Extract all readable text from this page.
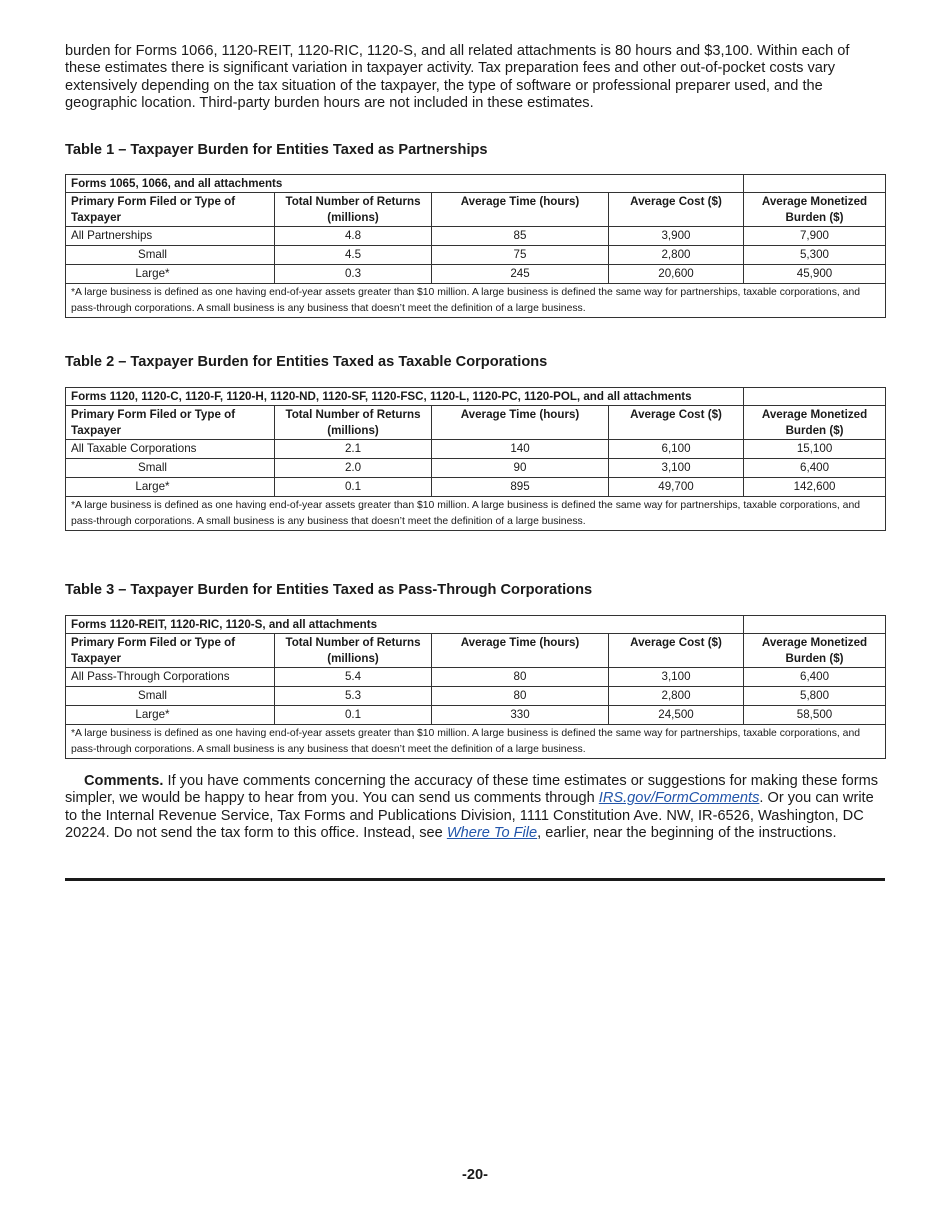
burden for Forms 1066, 1120-REIT, 1120-RIC, 1120-S, and all related attachments is 80 hours and $3,100. Within each of these estimates there is significant variation in taxpayer activity. Tax preparation fees and other out-of-pocket costs vary extensively depending on the tax situation of the taxpayer, the type of software or professional preparer used, and the geographic location. Third-party burden hours are not included in these estimates.

Table 1 – Taxpayer Burden for Entities Taxed as Partnerships
Forms 1065, 1066, and all attachments				
Primary Form Filed or Type of Taxpayer	Total Number of Returns (millions)	Average Time (hours)	Average Cost ($)	Average Monetized Burden ($)
All Partnerships	4.8	85	3,900	7,900
Small	4.5	75	2,800	5,300
Large*	0.3	245	20,600	45,900
*A large business is defined as one having end-of-year assets greater than $10 million. A large business is defined the same way for partnerships, taxable corporations, and pass-through corporations. A small business is any business that doesn’t meet the definition of a large business.				
Table 2 – Taxpayer Burden for Entities Taxed as Taxable Corporations
Forms 1120, 1120-C, 1120-F, 1120-H, 1120-ND, 1120-SF, 1120-FSC, 1120-L, 1120-PC, 1120-POL, and all attachments				
Primary Form Filed or Type of Taxpayer	Total Number of Returns (millions)	Average Time (hours)	Average Cost ($)	Average Monetized Burden ($)
All Taxable Corporations	2.1	140	6,100	15,100
Small	2.0	90	3,100	6,400
Large*	0.1	895	49,700	142,600
*A large business is defined as one having end-of-year assets greater than $10 million. A large business is defined the same way for partnerships, taxable corporations, and pass-through corporations. A small business is any business that doesn’t meet the definition of a large business.				
Table 3 – Taxpayer Burden for Entities Taxed as Pass-Through Corporations
Forms 1120-REIT, 1120-RIC, 1120-S, and all attachments				
Primary Form Filed or Type of Taxpayer	Total Number of Returns (millions)	Average Time (hours)	Average Cost ($)	Average Monetized Burden ($)
All Pass-Through Corporations	5.4	80	3,100	6,400
Small	5.3	80	2,800	5,800
Large*	0.1	330	24,500	58,500
*A large business is defined as one having end-of-year assets greater than $10 million. A large business is defined the same way for partnerships, taxable corporations, and pass-through corporations. A small business is any business that doesn’t meet the definition of a large business.				

Comments. If you have comments concerning the accuracy of these time estimates or suggestions for making these forms simpler, we would be happy to hear from you. You can send us comments through IRS.gov/FormComments. Or you can write to the Internal Revenue Service, Tax Forms and Publications Division, 1111 Constitution Ave. NW, IR-6526, Washington, DC 20224. Do not send the tax form to this office. Instead, see Where To File, earlier, near the beginning of the instructions.

-20-
